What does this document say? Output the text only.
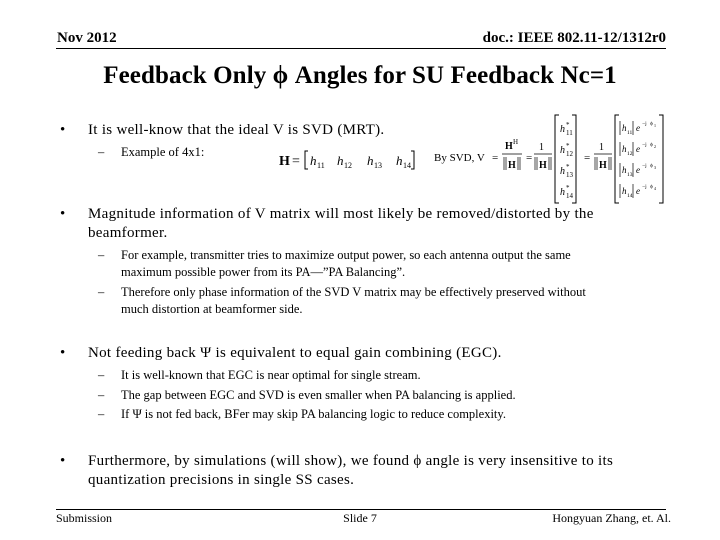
Nov 2012	doc.: IEEE 802.11-12/1312r0
Feedback Only ϕ Angles for SU Feedback Nc=1
• It is well-know that the ideal V is SVD (MRT).
– Example of 4x1:
H = h h h h
11 12	13	14
By SVD, V =
H H
H
=
1
H
h
h
h
h
*
*
*
*
11
12
13
14
=
1
H
h
h
h
h
e
e
e
e
11
12
13
14
−j
−j
−j
−j
ϕ
ϕ
ϕ
ϕ
1
2
3
4
• Magnitude information of V matrix will most likely be removed/distorted by the
beamformer.
– For example, transmitter tries to maximize output power, so each antenna output the same
maximum possible power from its PA—”PA Balancing”.
– Therefore only phase information of the SVD V matrix may be effectively preserved without
much distortion at beamformer side.
• Not feeding back Ψ is equivalent to equal gain combining (EGC).
– It is well-known that EGC is near optimal for single stream.
– The gap between EGC and SVD is even smaller when PA balancing is applied.
– If Ψ is not fed back, BFer may skip PA balancing logic to reduce complexity.
• Furthermore, by simulations (will show), we found ϕ angle is very insensitive to its
quantization precisions in single SS cases.
Submission	Slide 7	Hongyuan Zhang, et. Al.
